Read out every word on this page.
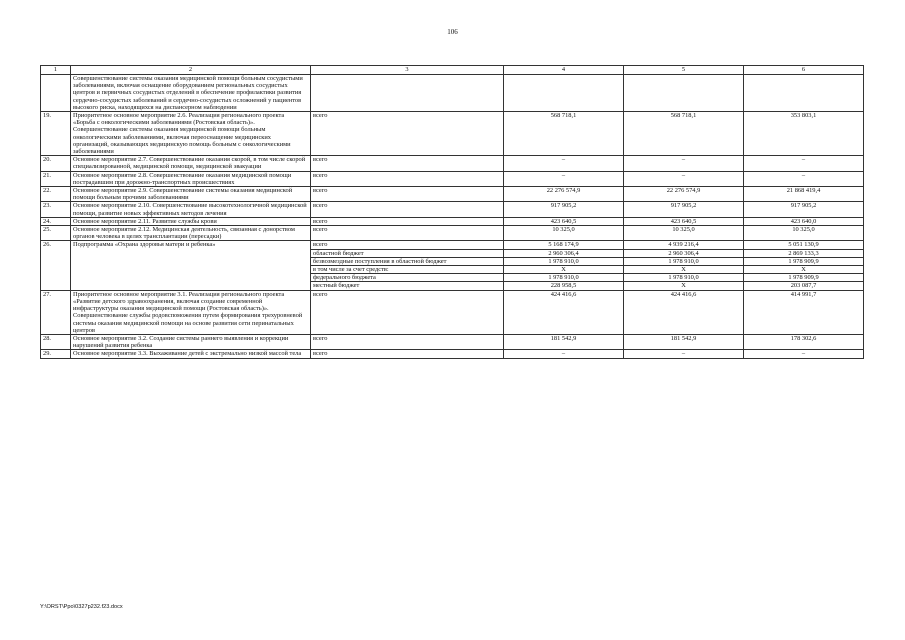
106
1	2	3	4	5	6
	Совершенствование системы оказания медицинской помощи больным сосудистыми заболеваниями, включая оснащение оборудованием региональных сосудистых центров и первичных сосудистых отделений в обеспечение профилактики развития сердечно-сосудистых заболеваний и сердечно-сосудистых осложнений у пациентов высокого риска, находящихся на диспансерном наблюдении				
19.	Приоритетное основное мероприятие 2.6. Реализация регионального проекта «Борьба с онкологическими заболеваниями (Ростовская область)». Совершенствование системы оказания медицинской помощи больным онкологическими заболеваниями, включая переоснащение медицинских организаций, оказывающих медицинскую помощь больным с онкологическими заболеваниями	всего	568 718,1	568 718,1	353 803,1
20.	Основное мероприятие 2.7. Совершенствование оказания скорой, в том числе скорой специализированной, медицинской помощи, медицинской эвакуации	всего	–	–	–
21.	Основное мероприятие 2.8. Совершенствование оказания медицинской помощи пострадавшим при дорожно-транспортных происшествиях	всего	–	–	–
22.	Основное мероприятие 2.9. Совершенствование системы оказания медицинской помощи больным прочими заболеваниями	всего	22 276 574,9	22 276 574,9	21 868 419,4
23.	Основное мероприятие 2.10. Совершенствование высокотехнологичной медицинской помощи, развитие новых эффективных методов лечения	всего	917 905,2	917 905,2	917 905,2
24.	Основное мероприятие 2.11. Развитие службы крови	всего	423 640,5	423 640,5	423 640,0
25.	Основное мероприятие 2.12. Медицинская деятельность, связанная с донорством органов человека в целях трансплантации (пересадки)	всего	10 325,0	10 325,0	10 325,0
26.	Подпрограмма «Охрана здоровья матери и ребенка»	всего	5 168 174,9	4 939 216,4	5 051 130,9
		областной бюджет	2 960 306,4	2 960 306,4	2 869 133,3
		безвозмездные поступления в областной бюджет	1 978 910,0	1 978 910,0	1 978 909,9
		в том числе за счет средств:	X	X	X
		федерального бюджета	1 978 910,0	1 978 910,0	1 978 909,9
		местный бюджет	228 958,5	X	203 087,7
27.	Приоритетное основное мероприятие 3.1. Реализация регионального проекта «Развитие детского здравоохранения, включая создание современной инфраструктуры оказания медицинской помощи (Ростовская область)». Совершенствование службы родовспоможения путем формирования трехуровневой системы оказания медицинской помощи на основе развития сети перинатальных центров	всего	424 416,6	424 416,6	414 991,7
28.	Основное мероприятие 3.2. Создание системы раннего выявления и коррекции нарушений развития ребенка	всего	181 542,9	181 542,9	178 302,6
29.	Основное мероприятие 3.3. Выхаживание детей с экстремально низкой массой тела	всего	–	–	–
Y:\ORST\Ppo\0327p232.f23.docx
